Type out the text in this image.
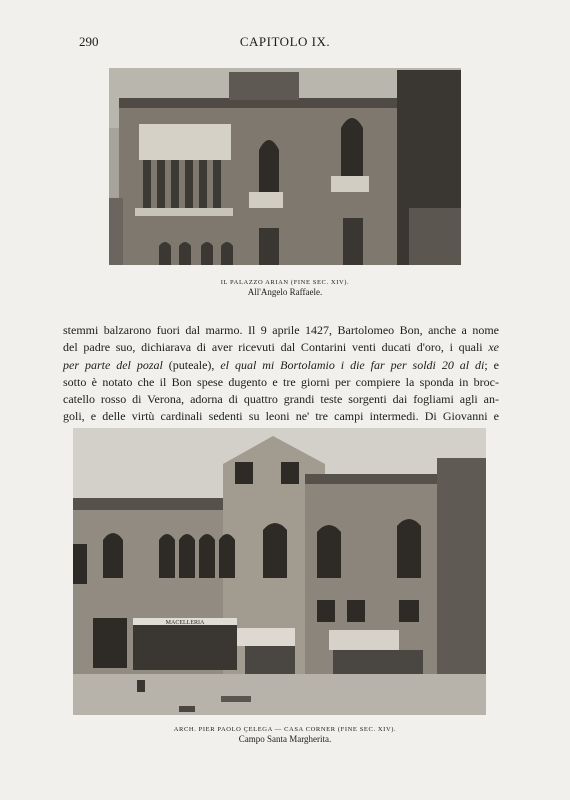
290	CAPITOLO IX.
IL PALAZZO ARIAN (FINE SEC. XIV).
All'Angelo Raffaele.
stemmi balzarono fuori dal marmo. Il 9 aprile 1427, Bartolomeo Bon, anche a nome
del padre suo, dichiarava di aver ricevuti dal Contarini venti ducati d'oro, i quali xe
per parte del pozal (puteale), el qual mi Bortolamio i die far per soldi 20 al di; e
sotto è notato che il Bon spese dugento e tre giorni per compiere la sponda in broc-
catello rosso di Verona, adorna di quattro grandi teste sorgenti dai fogliami agli an-
goli, e delle virtù cardinali sedenti su leoni ne' tre campi intermedi. Di Giovanni e
MACELLERIA
ARCH. PIER PAOLO ÇELEGA — CASA CORNER (FINE SEC. XIV).
Campo Santa Margherita.
